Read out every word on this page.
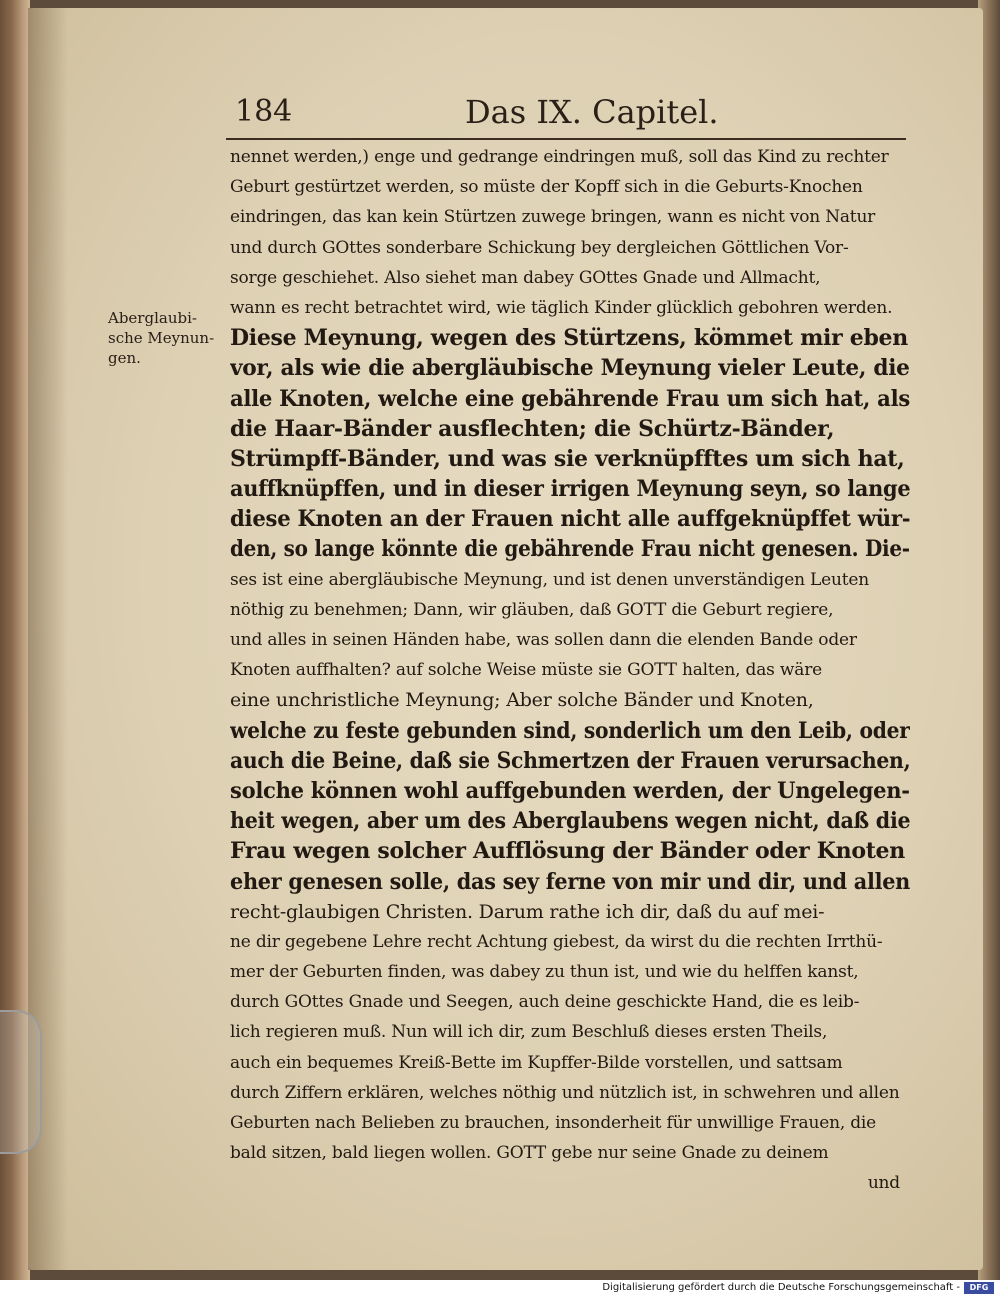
184	Das IX. Capitel.
Aberglaubi-
sche Meynun-
gen.
nennet werden,) enge und gedrange eindringen muß, soll das Kind zu rechter
Geburt gestürtzet werden, so müste der Kopff sich in die Geburts-Knochen
eindringen, das kan kein Stürtzen zuwege bringen, wann es nicht von Natur
und durch GOttes sonderbare Schickung bey dergleichen Göttlichen Vor-
sorge geschiehet. Also siehet man dabey GOttes Gnade und Allmacht,
wann es recht betrachtet wird, wie täglich Kinder glücklich gebohren werden.
Diese Meynung, wegen des Stürtzens, kömmet mir eben
vor, als wie die abergläubische Meynung vieler Leute, die
alle Knoten, welche eine gebährende Frau um sich hat, als
die Haar-Bänder ausflechten; die Schürtz-Bänder,
Strümpff-Bänder, und was sie verknüpfftes um sich hat,
auffknüpffen, und in dieser irrigen Meynung seyn, so lange
diese Knoten an der Frauen nicht alle auffgeknüpffet wür-
den, so lange könnte die gebährende Frau nicht genesen. Die-
ses ist eine abergläubische Meynung, und ist denen unverständigen Leuten
nöthig zu benehmen; Dann, wir gläuben, daß GOTT die Geburt regiere,
und alles in seinen Händen habe, was sollen dann die elenden Bande oder
Knoten auffhalten? auf solche Weise müste sie GOTT halten, das wäre
eine unchristliche Meynung; Aber solche Bänder und Knoten,
welche zu feste gebunden sind, sonderlich um den Leib, oder
auch die Beine, daß sie Schmertzen der Frauen verursachen,
solche können wohl auffgebunden werden, der Ungelegen-
heit wegen, aber um des Aberglaubens wegen nicht, daß die
Frau wegen solcher Aufflösung der Bänder oder Knoten
eher genesen solle, das sey ferne von mir und dir, und allen
recht-glaubigen Christen. Darum rathe ich dir, daß du auf mei-
ne dir gegebene Lehre recht Achtung giebest, da wirst du die rechten Irrthü-
mer der Geburten finden, was dabey zu thun ist, und wie du helffen kanst,
durch GOttes Gnade und Seegen, auch deine geschickte Hand, die es leib-
lich regieren muß. Nun will ich dir, zum Beschluß dieses ersten Theils,
auch ein bequemes Kreiß-Bette im Kupffer-Bilde vorstellen, und sattsam
durch Ziffern erklären, welches nöthig und nützlich ist, in schwehren und allen
Geburten nach Belieben zu brauchen, insonderheit für unwillige Frauen, die
bald sitzen, bald liegen wollen. GOTT gebe nur seine Gnade zu deinem
und
Digitalisierung gefördert durch die Deutsche Forschungsgemeinschaft -	DFG
